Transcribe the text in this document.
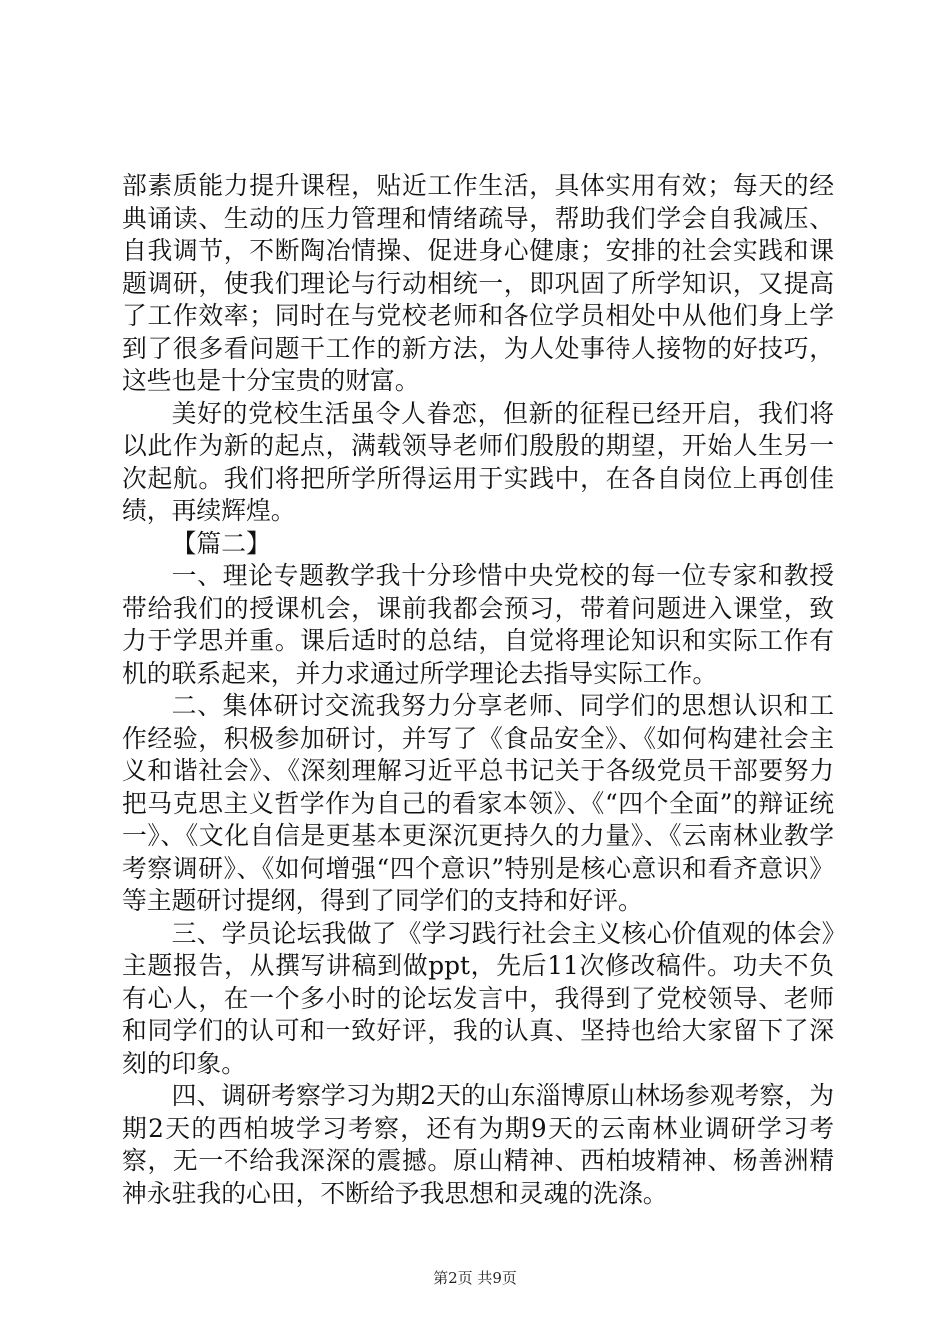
部素质能力提升课程，贴近工作生活，具体实用有效；每天的经典诵读、生动的压力管理和情绪疏导，帮助我们学会自我减压、自我调节，不断陶冶情操、促进身心健康；安排的社会实践和课题调研，使我们理论与行动相统一，即巩固了所学知识，又提高了工作效率；同时在与党校老师和各位学员相处中从他们身上学到了很多看问题干工作的新方法，为人处事待人接物的好技巧，这些也是十分宝贵的财富。

美好的党校生活虽令人眷恋，但新的征程已经开启，我们将以此作为新的起点，满载领导老师们殷殷的期望，开始人生另一次起航。我们将把所学所得运用于实践中，在各自岗位上再创佳绩，再续辉煌。

【篇二】

一、理论专题教学我十分珍惜中央党校的每一位专家和教授带给我们的授课机会，课前我都会预习，带着问题进入课堂，致力于学思并重。课后适时的总结，自觉将理论知识和实际工作有机的联系起来，并力求通过所学理论去指导实际工作。

二、集体研讨交流我努力分享老师、同学们的思想认识和工作经验，积极参加研讨，并写了《食品安全》、《如何构建社会主义和谐社会》、《深刻理解习近平总书记关于各级党员干部要努力把马克思主义哲学作为自己的看家本领》、《“四个全面”的辩证统一》、《文化自信是更基本更深沉更持久的力量》、《云南林业教学考察调研》、《如何增强“四个意识”特别是核心意识和看齐意识》等主题研讨提纲，得到了同学们的支持和好评。

三、学员论坛我做了《学习践行社会主义核心价值观的体会》主题报告，从撰写讲稿到做ppt，先后11次修改稿件。功夫不负有心人，在一个多小时的论坛发言中，我得到了党校领导、老师和同学们的认可和一致好评，我的认真、坚持也给大家留下了深刻的印象。

四、调研考察学习为期2天的山东淄博原山林场参观考察，为期2天的西柏坡学习考察，还有为期9天的云南林业调研学习考察，无一不给我深深的震撼。原山精神、西柏坡精神、杨善洲精神永驻我的心田，不断给予我思想和灵魂的洗涤。

第2页 共9页
